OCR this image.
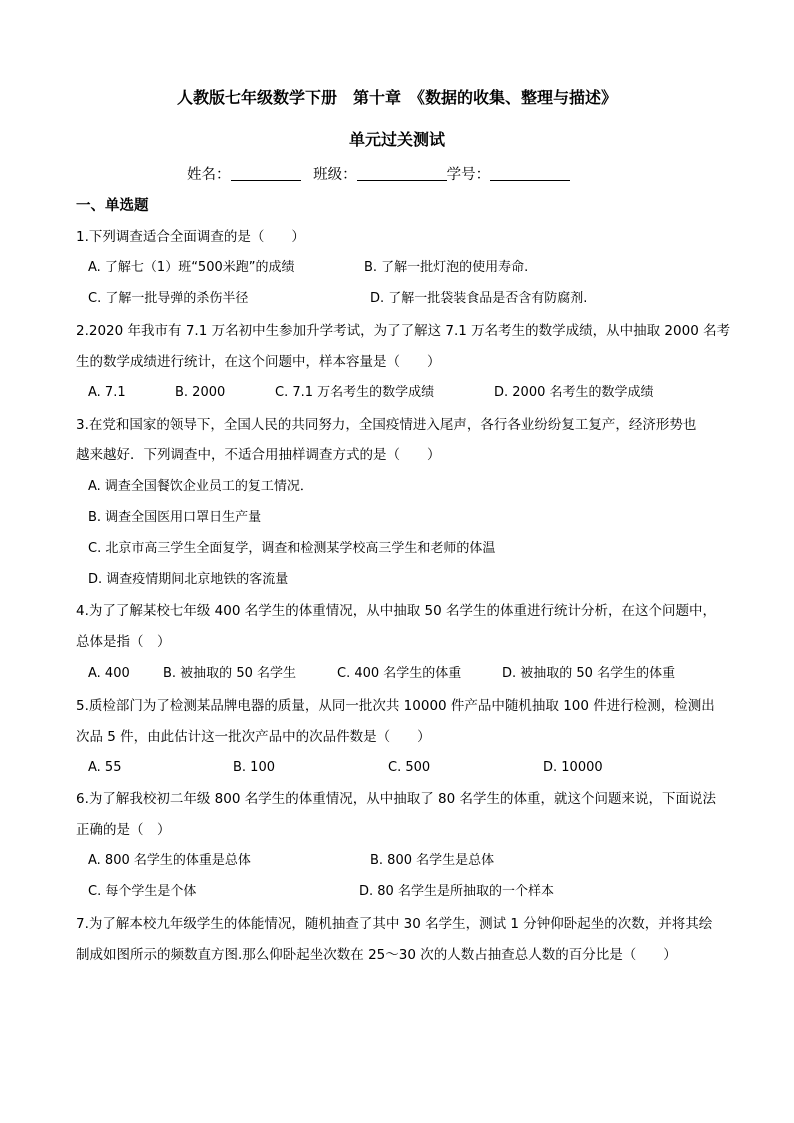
人教版七年级数学下册　第十章　《数据的收集、整理与描述》
单元过关测试
姓名：	班级：	学号：
一、单选题
1.下列调查适合全面调查的是（　　）
A. 了解七（1）班“500米跑”的成绩	B. 了解一批灯泡的使用寿命.
C. 了解一批导弹的杀伤半径	D. 了解一批袋装食品是否含有防腐剂.
2.2020 年我市有 7.1 万名初中生参加升学考试，为了了解这 7.1 万名考生的数学成绩，从中抽取 2000 名考
生的数学成绩进行统计，在这个问题中，样本容量是（　　）
A. 7.1	B. 2000	C. 7.1 万名考生的数学成绩	D. 2000 名考生的数学成绩
3.在党和国家的领导下，全国人民的共同努力，全国疫情进入尾声，各行各业纷纷复工复产，经济形势也
越来越好．下列调查中，不适合用抽样调查方式的是（　　）
A. 调查全国餐饮企业员工的复工情况．
B. 调查全国医用口罩日生产量
C. 北京市高三学生全面复学，调查和检测某学校高三学生和老师的体温
D. 调查疫情期间北京地铁的客流量
4.为了了解某校七年级 400 名学生的体重情况，从中抽取 50 名学生的体重进行统计分析，在这个问题中，
总体是指（　）
A. 400	B. 被抽取的 50 名学生	C. 400 名学生的体重	D. 被抽取的 50 名学生的体重
5.质检部门为了检测某品牌电器的质量，从同一批次共 10000 件产品中随机抽取 100 件进行检测，检测出
次品 5 件，由此估计这一批次产品中的次品件数是（　　）
A. 55	B. 100	C. 500	D. 10000
6.为了解我校初二年级 800 名学生的体重情况，从中抽取了 80 名学生的体重，就这个问题来说，下面说法
正确的是（　）
A. 800 名学生的体重是总体	B. 800 名学生是总体
C. 每个学生是个体	D. 80 名学生是所抽取的一个样本
7.为了解本校九年级学生的体能情况，随机抽查了其中 30 名学生，测试 1 分钟仰卧起坐的次数，并将其绘
制成如图所示的频数直方图.那么仰卧起坐次数在 25～30 次的人数占抽查总人数的百分比是（　　）
